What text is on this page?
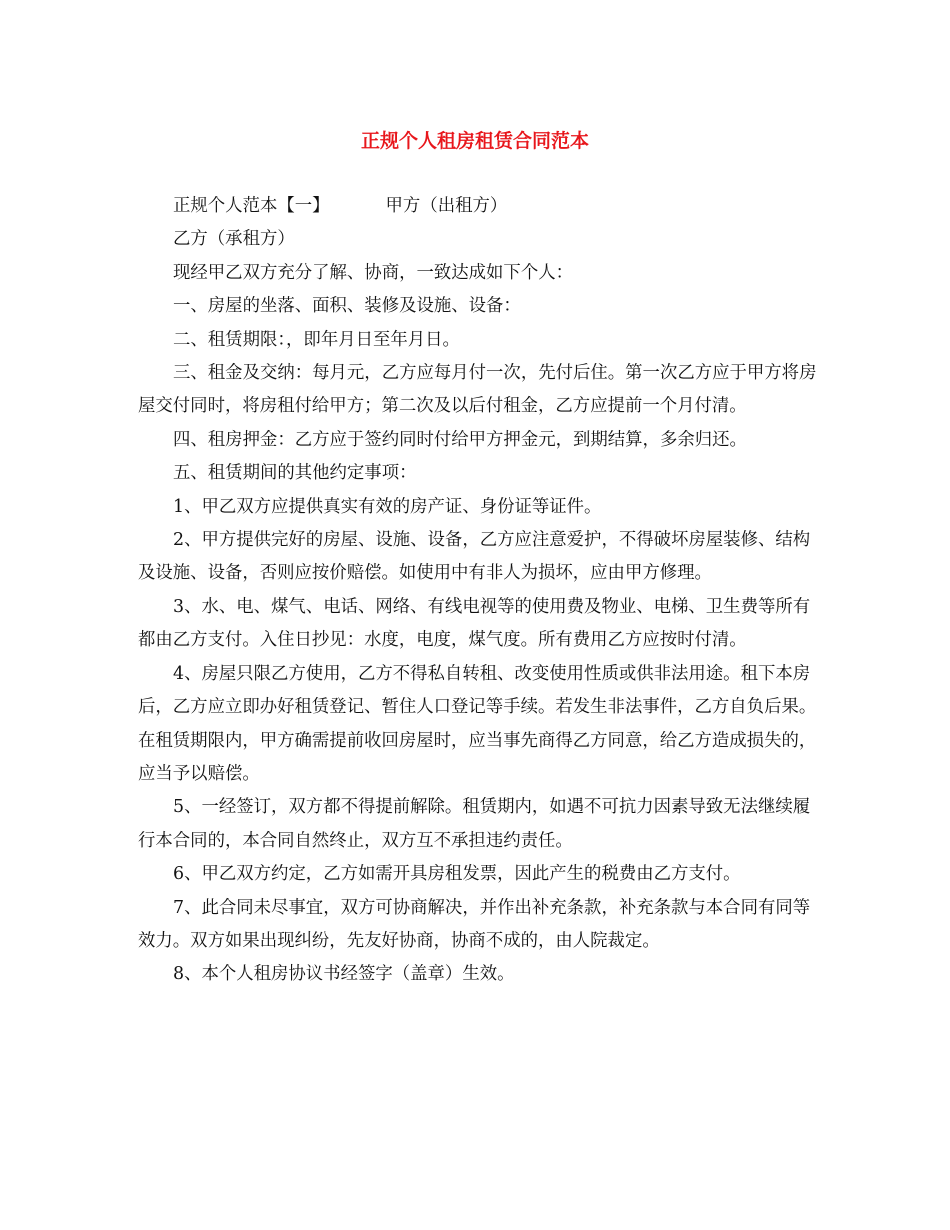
正规个人租房租赁合同范本

正规个人范本【一】	甲方（出租方）

乙方（承租方）

现经甲乙双方充分了解、协商，一致达成如下个人：

一、房屋的坐落、面积、装修及设施、设备：

二、租赁期限：，即年月日至年月日。

三、租金及交纳：每月元，乙方应每月付一次，先付后住。第一次乙方应于甲方将房屋交付同时，将房租付给甲方；第二次及以后付租金，乙方应提前一个月付清。

四、租房押金：乙方应于签约同时付给甲方押金元，到期结算，多余归还。

五、租赁期间的其他约定事项：

1、甲乙双方应提供真实有效的房产证、身份证等证件。

2、甲方提供完好的房屋、设施、设备，乙方应注意爱护，不得破坏房屋装修、结构及设施、设备，否则应按价赔偿。如使用中有非人为损坏，应由甲方修理。

3、水、电、煤气、电话、网络、有线电视等的使用费及物业、电梯、卫生费等所有都由乙方支付。入住日抄见：水度，电度，煤气度。所有费用乙方应按时付清。

4、房屋只限乙方使用，乙方不得私自转租、改变使用性质或供非法用途。租下本房后，乙方应立即办好租赁登记、暂住人口登记等手续。若发生非法事件，乙方自负后果。在租赁期限内，甲方确需提前收回房屋时，应当事先商得乙方同意，给乙方造成损失的，应当予以赔偿。

5、一经签订，双方都不得提前解除。租赁期内，如遇不可抗力因素导致无法继续履行本合同的，本合同自然终止，双方互不承担违约责任。

6、甲乙双方约定，乙方如需开具房租发票，因此产生的税费由乙方支付。

7、此合同未尽事宜，双方可协商解决，并作出补充条款，补充条款与本合同有同等效力。双方如果出现纠纷，先友好协商，协商不成的，由人院裁定。

8、本个人租房协议书经签字（盖章）生效。
